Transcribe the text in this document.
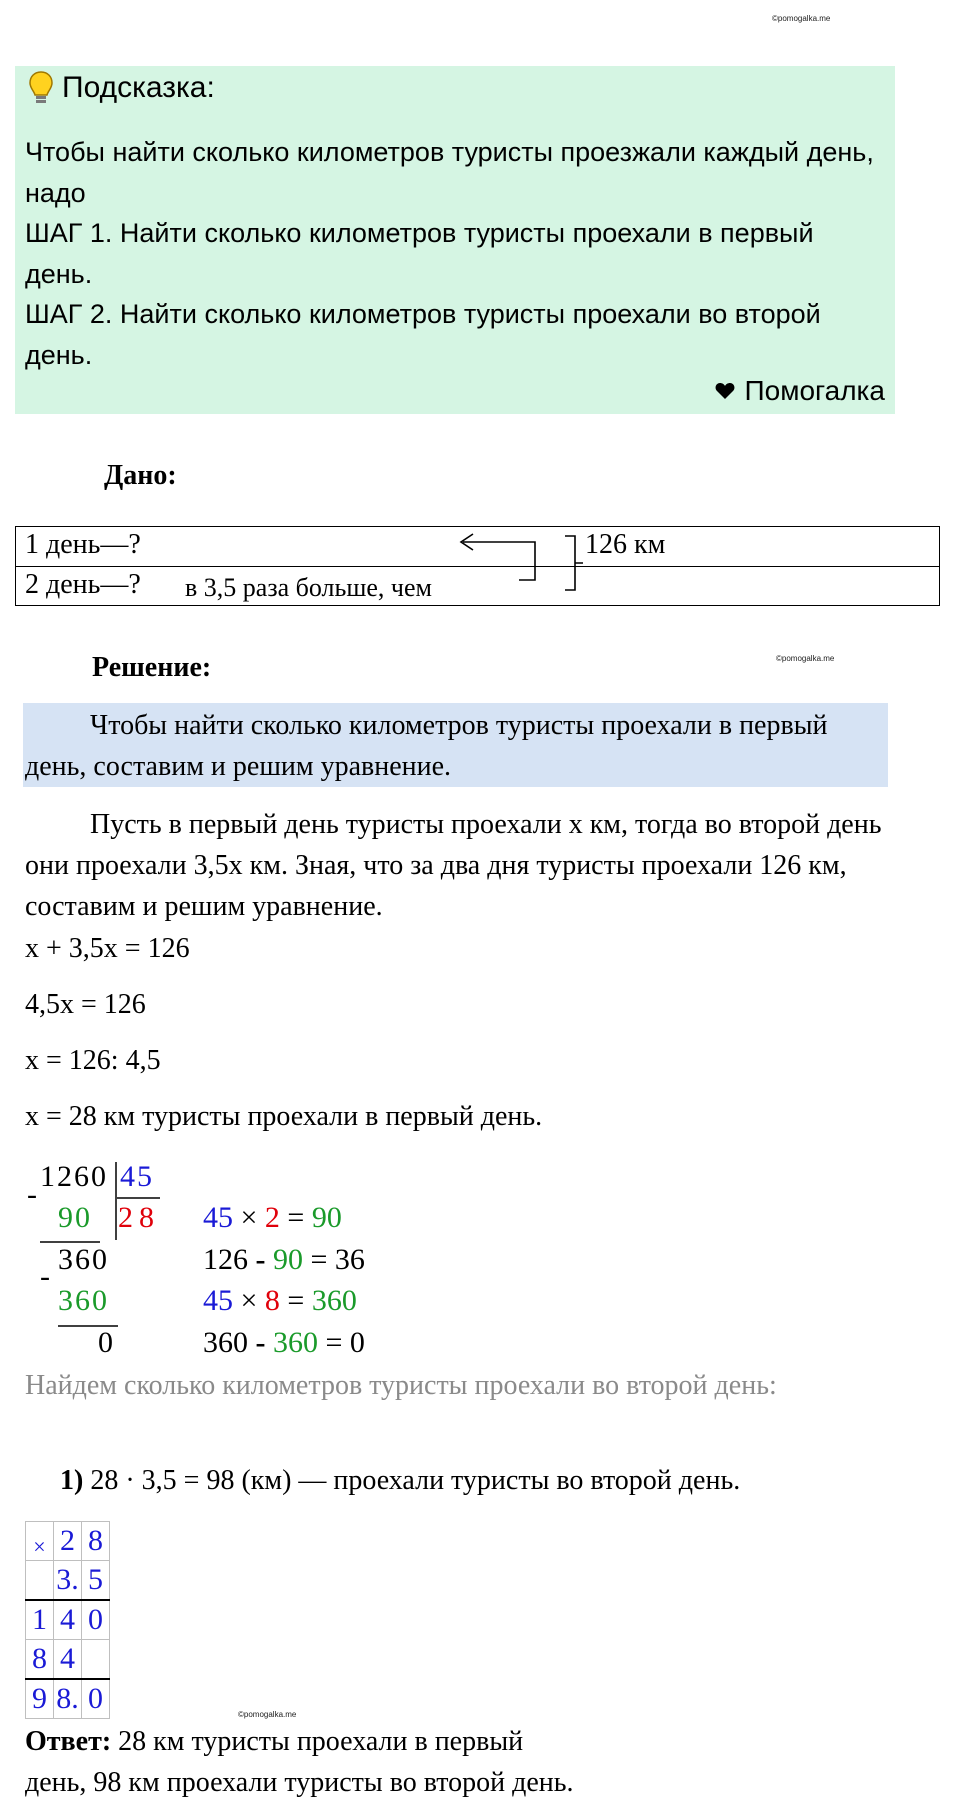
©pomogalka.me
Подсказка:
Чтобы найти сколько километров туристы проезжали каждый день, надо
ШАГ 1. Найти сколько километров туристы проехали в первый день.
ШАГ 2. Найти сколько километров туристы проехали во второй день.
Помогалка
Дано:
1 день—?
2 день—? в 3,5 раза больше, чем
126 км
©pomogalka.me
Решение:
Чтобы найти сколько километров туристы проехали в первый день, составим и решим уравнение.
Пусть в первый день туристы проехали x км, тогда во второй день они проехали 3,5x км. Зная, что за два дня туристы проехали 126 км, составим и решим уравнение.
x + 3,5x = 126
4,5x = 126
x = 126: 4,5
x = 28 км туристы проехали в первый день.
1260 45
28
-
90
360
-
360
0
45 × 2 = 90
126 - 90 = 36
45 × 8 = 360
360 - 360 = 0
Найдем сколько километров туристы проехали во второй день:
1) 28 · 3,5 = 98 (км) — проехали туристы во второй день.
×	2	8
	3.	5
1	4	0
8	4	
9	8.	0	©pomogalka.me
Ответ: 28 км туристы проехали в первый
день, 98 км проехали туристы во второй день.
